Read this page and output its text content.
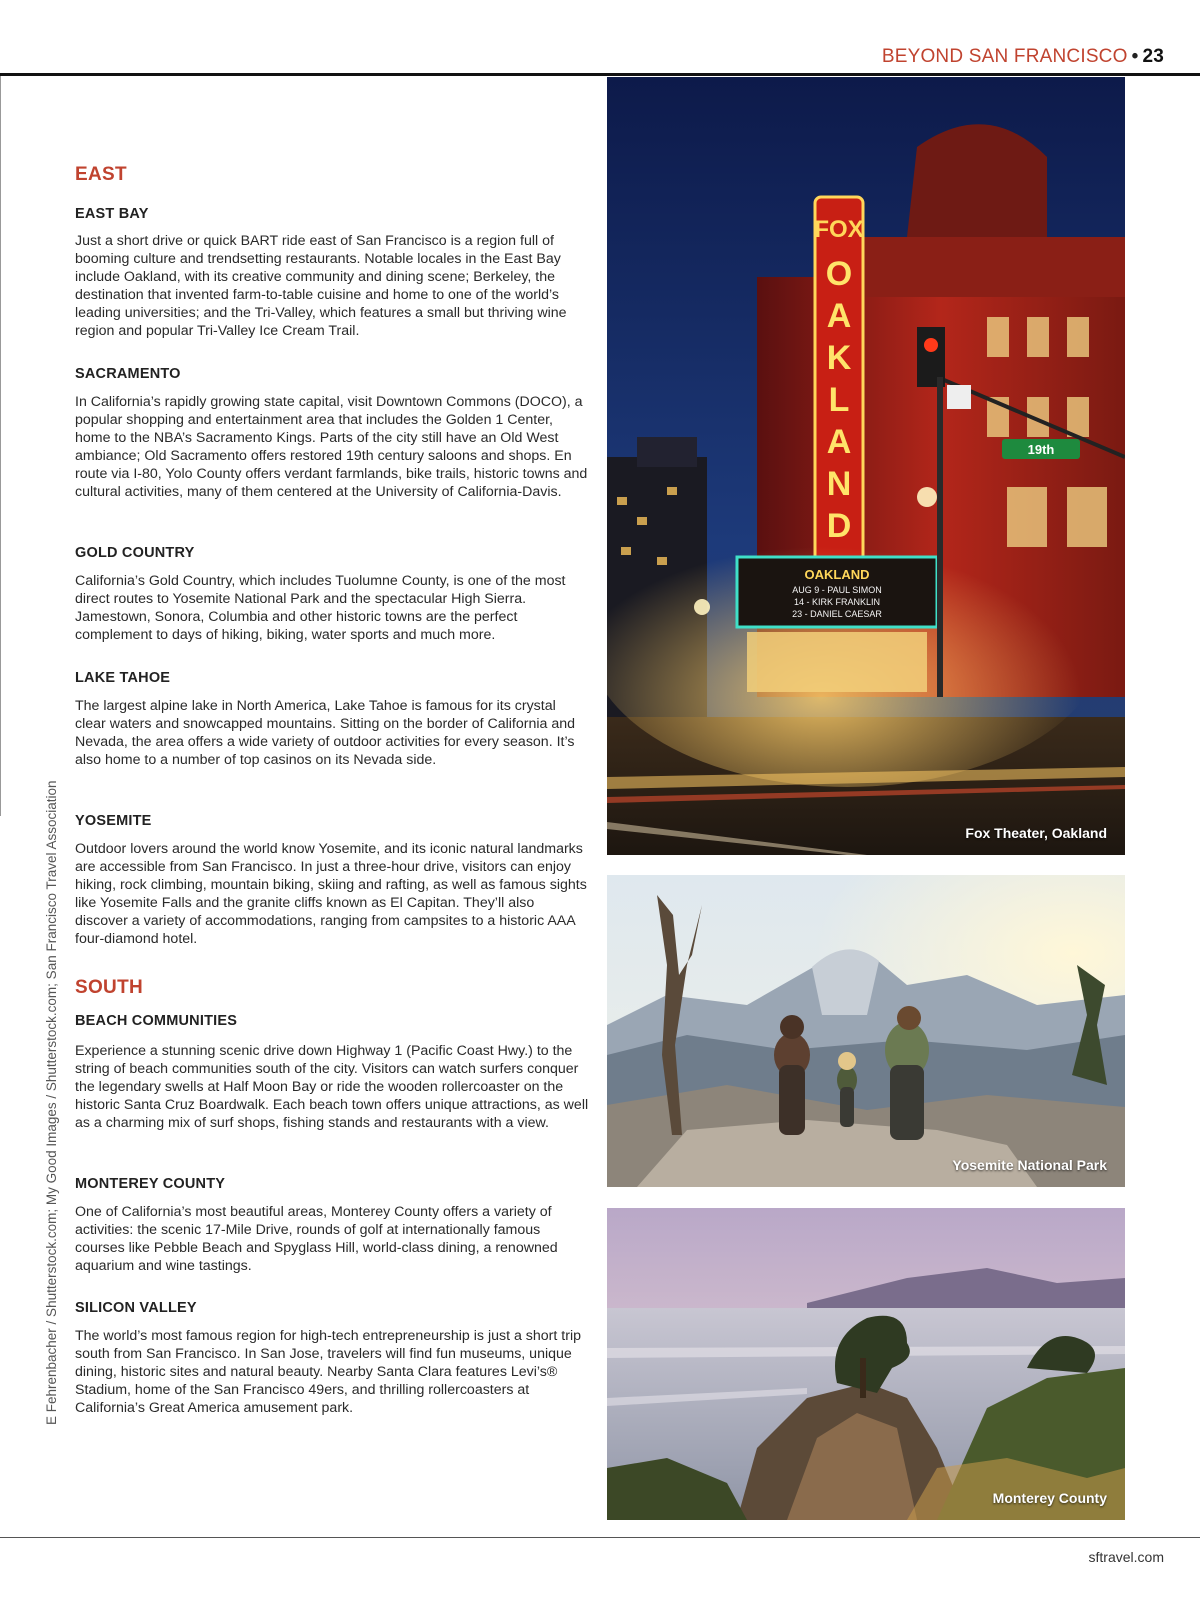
BEYOND SAN FRANCISCO • 23
E Fehrenbacher / Shutterstock.com; My Good Images / Shutterstock.com; San Francisco Travel Association
EAST
EAST BAY
Just a short drive or quick BART ride east of San Francisco is a region full of booming culture and trendsetting restaurants. Notable locales in the East Bay include Oakland, with its creative community and dining scene; Berkeley, the destination that invented farm-to-table cuisine and home to one of the world’s leading universities; and the Tri-Valley, which features a small but thriving wine region and popular Tri-Valley Ice Cream Trail.
SACRAMENTO
In California’s rapidly growing state capital, visit Downtown Commons (DOCO), a popular shopping and entertainment area that includes the Golden 1 Center, home to the NBA’s Sacramento Kings. Parts of the city still have an Old West ambiance; Old Sacramento offers restored 19th century saloons and shops. En route via I-80, Yolo County offers verdant farmlands, bike trails, historic towns and cultural activities, many of them centered at the University of California-Davis.
GOLD COUNTRY
California’s Gold Country, which includes Tuolumne County, is one of the most direct routes to Yosemite National Park and the spectacular High Sierra. Jamestown, Sonora, Columbia and other historic towns are the perfect complement to days of hiking, biking, water sports and much more.
LAKE TAHOE
The largest alpine lake in North America, Lake Tahoe is famous for its crystal clear waters and snowcapped mountains. Sitting on the border of California and Nevada, the area offers a wide variety of outdoor activities for every season. It’s also home to a number of top casinos on its Nevada side.
YOSEMITE
Outdoor lovers around the world know Yosemite, and its iconic natural landmarks are accessible from San Francisco. In just a three-hour drive, visitors can enjoy hiking, rock climbing, mountain biking, skiing and rafting, as well as famous sights like Yosemite Falls and the granite cliffs known as El Capitan. They’ll also discover a variety of accommodations, ranging from campsites to a historic AAA four-diamond hotel.
SOUTH
BEACH COMMUNITIES
Experience a stunning scenic drive down Highway 1 (Pacific Coast Hwy.) to the string of beach communities south of the city. Visitors can watch surfers conquer the legendary swells at Half Moon Bay or ride the wooden rollercoaster on the historic Santa Cruz Boardwalk. Each beach town offers unique attractions, as well as a charming mix of surf shops, fishing stands and restaurants with a view.
MONTEREY COUNTY
One of California’s most beautiful areas, Monterey County offers a variety of activities: the scenic 17-Mile Drive, rounds of golf at internationally famous courses like Pebble Beach and Spyglass Hill, world-class dining, a renowned aquarium and wine tastings.
SILICON VALLEY
The world’s most famous region for high-tech entrepreneurship is just a short trip south from San Francisco. In San Jose, travelers will find fun museums, unique dining, historic sites and natural beauty. Nearby Santa Clara features Levi’s® Stadium, home of the San Francisco 49ers, and thrilling rollercoasters at California’s Great America amusement park.
19th
FOX
O
A
K
L
A
N
D
OAKLAND
AUG 9 - PAUL SIMON
14 - KIRK FRANKLIN
23 - DANIEL CAESAR
Fox Theater, Oakland
Yosemite National Park
Monterey County
sftravel.com
